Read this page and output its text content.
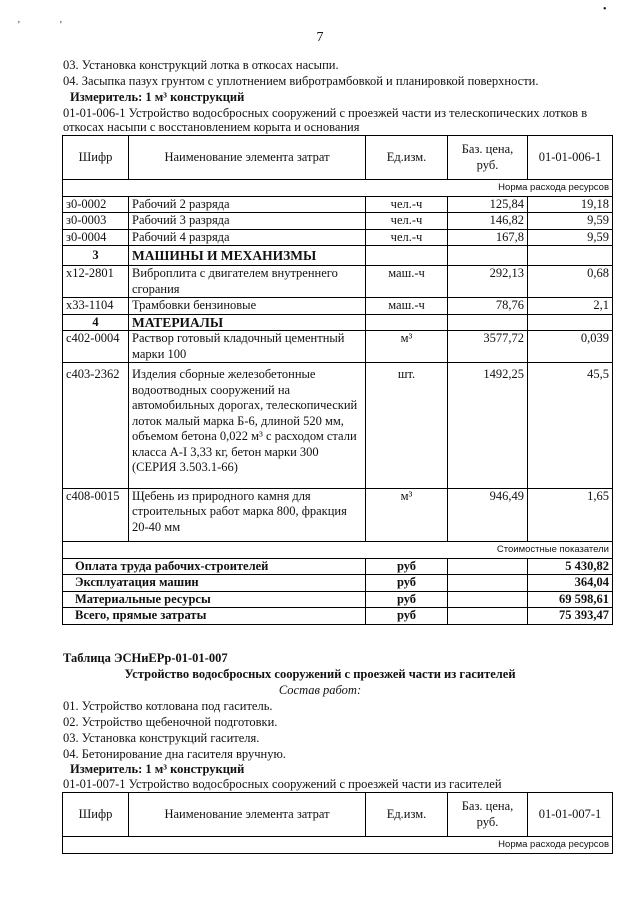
'	'
•
7
03. Установка конструкций лотка в откосах насыпи.
04. Засыпка пазух грунтом с уплотнением вибротрамбовкой и планировкой поверхности.
Измеритель: 1 м³ конструкций
01-01-006-1 Устройство водосбросных сооружений с проезжей части из телескопических лотков в
откосах насыпи с восстановлением корыта и основания
Шифр	Наименование элемента затрат	Ед.изм.	Баз. цена, руб.	01-01-006-1
Норма расхода ресурсов				
з0-0002	Рабочий 2 разряда	чел.-ч	125,84	19,18
з0-0003	Рабочий 3 разряда	чел.-ч	146,82	9,59
з0-0004	Рабочий 4 разряда	чел.-ч	167,8	9,59
3	МАШИНЫ И МЕХАНИЗМЫ			
х12-2801	Виброплита с двигателем внутреннего сгорания	маш.-ч	292,13	0,68
х33-1104	Трамбовки бензиновые	маш.-ч	78,76	2,1
4	МАТЕРИАЛЫ			
с402-0004	Раствор готовый кладочный цементный марки 100	м³	3577,72	0,039
с403-2362	Изделия сборные железобетонные водоотводных сооружений на автомобильных дорогах, телескопический лоток малый марка Б-6, длиной 520 мм, объемом бетона 0,022 м³ с расходом стали класса А-I 3,33 кг, бетон марки 300 (СЕРИЯ 3.503.1-66)	шт.	1492,25	45,5
с408-0015	Щебень из природного камня для строительных работ марка 800, фракция 20-40 мм	м³	946,49	1,65
Стоимостные показатели				
Оплата труда рабочих-строителей		руб		5 430,82
Эксплуатация машин		руб		364,04
Материальные ресурсы		руб		69 598,61
Всего, прямые затраты		руб		75 393,47
Таблица ЭСНиЕРр-01-01-007
Устройство водосбросных сооружений с проезжей части из гасителей
Состав работ:
01. Устройство котлована под гаситель.
02. Устройство щебеночной подготовки.
03. Установка конструкций гасителя.
04. Бетонирование дна гасителя вручную.
Измеритель: 1 м³ конструкций
01-01-007-1 Устройство водосбросных сооружений с проезжей части из гасителей
Шифр	Наименование элемента затрат	Ед.изм.	Баз. цена, руб.	01-01-007-1
Норма расхода ресурсов
